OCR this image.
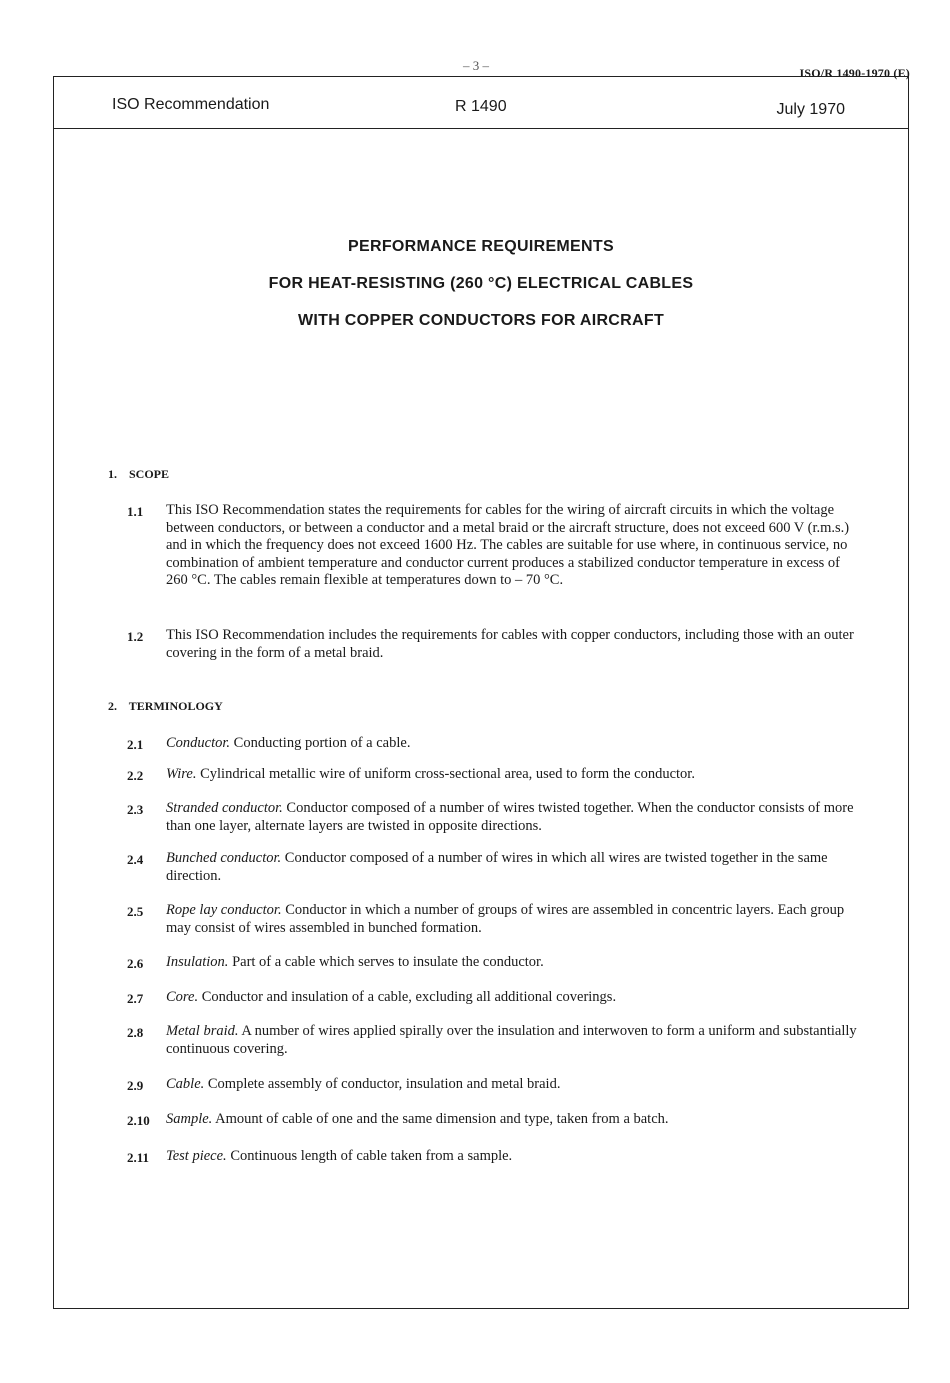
– 3 –	ISO/R 1490-1970 (E)
ISO Recommendation	R 1490	July 1970
PERFORMANCE REQUIREMENTS
FOR HEAT-RESISTING (260 °C) ELECTRICAL CABLES
WITH COPPER CONDUCTORS FOR AIRCRAFT
1. SCOPE
1.1	This ISO Recommendation states the requirements for cables for the wiring of aircraft circuits in which the voltage between conductors, or between a conductor and a metal braid or the aircraft structure, does not exceed 600 V (r.m.s.) and in which the frequency does not exceed 1600 Hz. The cables are suitable for use where, in continuous service, no combination of ambient temperature and conductor current produces a stabilized conductor temperature in excess of 260 °C. The cables remain flexible at temperatures down to – 70 °C.
1.2	This ISO Recommendation includes the requirements for cables with copper conductors, including those with an outer covering in the form of a metal braid.
2. TERMINOLOGY
2.1	Conductor. Conducting portion of a cable.
2.2	Wire. Cylindrical metallic wire of uniform cross-sectional area, used to form the conductor.
2.3	Stranded conductor. Conductor composed of a number of wires twisted together. When the conductor consists of more than one layer, alternate layers are twisted in opposite directions.
2.4	Bunched conductor. Conductor composed of a number of wires in which all wires are twisted together in the same direction.
2.5	Rope lay conductor. Conductor in which a number of groups of wires are assembled in concentric layers. Each group may consist of wires assembled in bunched formation.
2.6	Insulation. Part of a cable which serves to insulate the conductor.
2.7	Core. Conductor and insulation of a cable, excluding all additional coverings.
2.8	Metal braid. A number of wires applied spirally over the insulation and interwoven to form a uniform and substantially continuous covering.
2.9	Cable. Complete assembly of conductor, insulation and metal braid.
2.10	Sample. Amount of cable of one and the same dimension and type, taken from a batch.
2.11	Test piece. Continuous length of cable taken from a sample.
